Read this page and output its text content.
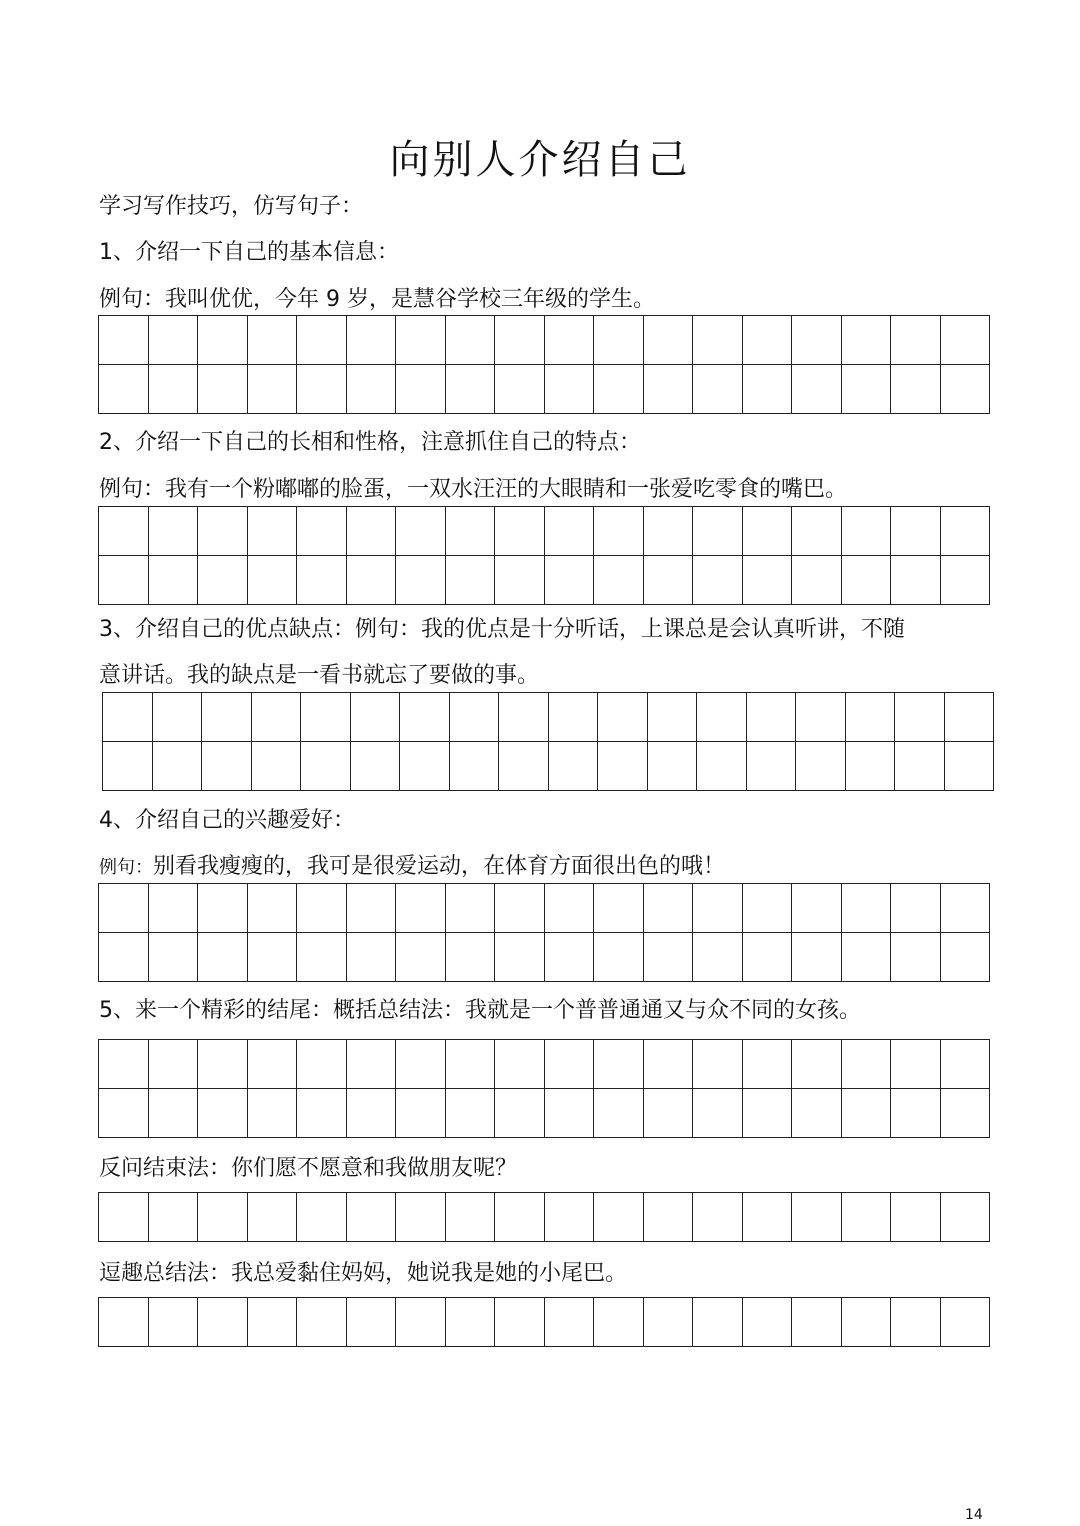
向别人介绍自己
学习写作技巧，仿写句子：
1、介绍一下自己的基本信息：
例句：我叫优优，今年 9 岁，是慧谷学校三年级的学生。
2、介绍一下自己的长相和性格，注意抓住自己的特点：
例句：我有一个粉嘟嘟的脸蛋，一双水汪汪的大眼睛和一张爱吃零食的嘴巴。
3、介绍自己的优点缺点：例句：我的优点是十分听话，上课总是会认真听讲，不随
意讲话。我的缺点是一看书就忘了要做的事。
4、介绍自己的兴趣爱好：
例句：别看我瘦瘦的，我可是很爱运动，在体育方面很出色的哦！
5、来一个精彩的结尾：概括总结法：我就是一个普普通通又与众不同的女孩。
反问结束法：你们愿不愿意和我做朋友呢？
逗趣总结法：我总爱黏住妈妈，她说我是她的小尾巴。
14
